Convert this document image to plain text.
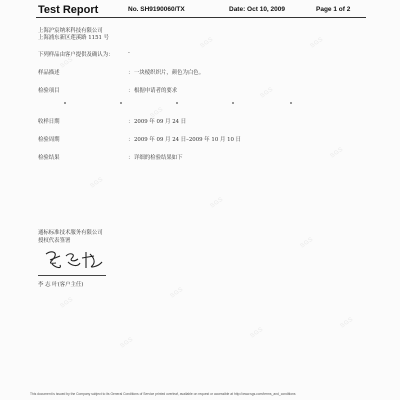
SGS
SGS
SGS
SGS
SGS
SGS
SGS
SGS
SGS
SGS
SGS
SGS
SGS	SGS
Test Report	No. SH9190060/TX	Date: Oct 10, 2009	Page 1 of 2
上海沪宸纳米科技有限公司
上海浦东新区莲溪路 1151 号
下列样品由客户提供及确认为：	-
样品描述	： 一块棱织织片，颜色为白色。
检验项目	： 根据申请者的要求
收样日期	： 2009 年 09 月 24 日
检验周期	： 2009 年 09 月 24 日–2009 年 10 月 10 日
检验结果	： 详细的检验结果如下
通标标准技术服务有限公司
授权代表签署
李 志 叶(客户主任)
This document is issued by the Company subject to its General Conditions of Service printed overleaf, available on request or accessible at http://www.sgs.com/terms_and_conditions
